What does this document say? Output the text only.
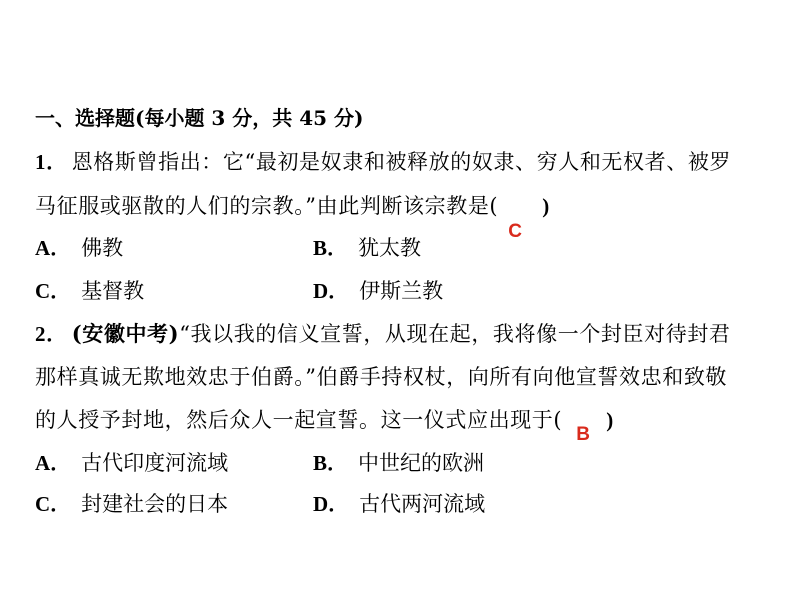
一、选择题(每小题 3 分，共 45 分)
1． 恩格斯曾指出：它“最初是奴隶和被释放的奴隶、穷人和无权者、被罗
马征服或驱散的人们的宗教。”由此判断该宗教是(
C
)
A． 佛教	B． 犹太教
C． 基督教	D． 伊斯兰教
2． (安徽中考)“我以我的信义宣誓，从现在起，我将像一个封臣对待封君
那样真诚无欺地效忠于伯爵。”伯爵手持权杖，向所有向他宣誓效忠和致敬
的人授予封地，然后众人一起宣誓。这一仪式应出现于(
B
)
A． 古代印度河流域	B． 中世纪的欧洲
C． 封建社会的日本	D． 古代两河流域
